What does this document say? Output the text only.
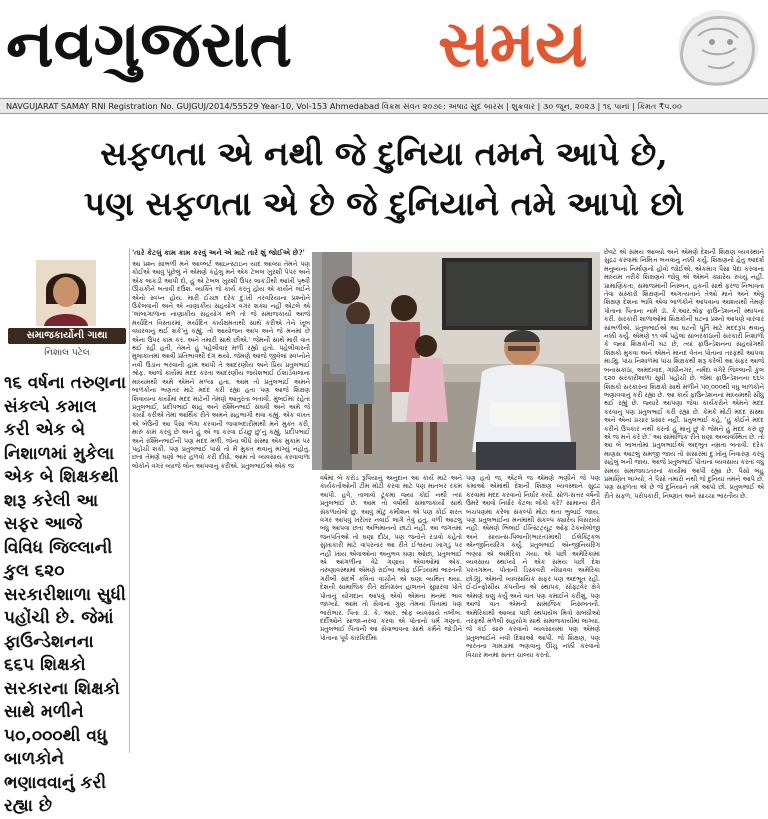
નવગુજરાત સમય
NAVGUJARAT SAMAY RNI Registration No. GUJGUJ/2014/55529 Year-10, Vol-153 Ahmedabad વિક્રમ સંવત ૨૦૭૯: અષાઢ સુદ બારસ | શુક્રવાર | ૩૦ જૂન, ૨૦૨૩ | ૧૬ પાનાં | કિંમત ₹૫.૦૦
સફળતા એ નથી જે દુનિયા તમને આપે છે,
પણ સફળતા એ છે જે દુનિયાને તમે આપો છો
સમાજકાર્યોની ગાથા
નિશાલ પટેલ
૧૬ વર્ષના તરુણના સંકલ્પે કમાલ કરી એક બે નિશાળમાં મુકેલા એક બે શિક્ષકથી શરૂ કરેલી આ સફર આજે વિવિધ જિલ્લાની કુલ ૬૨૦ સરકારીશાળા સુધી પહોંચી છે. જેમાં ફાઉન્ડેશનના ૬૬૫ શિક્ષકો સરકારના શિક્ષકો સાથે મળીને ૫૦,૦૦૦થી વધુ બાળકોને ભણાવવાનું કરી રહ્યા છે
'તારે કેટલું કામ કામ કરવું અને એ માટે તારે શું જોઈએ છે?'
આ પ્રશ્ન સાંભળી મને આલ્બર્ટ આઇન્સ્ટાઇન યાદ આવ્યા તેમને પણ કોઈએ આવું પૂછેલું ને એમણે કહેલું મને એક ટેબલ ખુરશી પેપર અને એક લાકડી આપી દો, હું એ ટેબલ ખુરશી ઉપર લાકડીથી આખી પૃથ્વી ઊંચકીને બતાવી દઉંશ. વ્યક્તિ જે કાર્ય કરતું હોય એ કાર્યને લઈને એનો સ્વપ્ન હોય. મારી ઈચ્છા દરેક દુઃખી તરવરિયાના પ્રશ્નોને ઉકેલવાની અને એ નાણાકીય સહયોગ વગર શક્ય નહીં એટલે એ 'લાંબાગાળાના નાણાકીય સહયોગ મળે તો જે સમાજકાર્યો આજે મર્યાદિત વિસ્તારમાં, મર્યાદિત કાર્યક્ષમતાથી સાથે કરીએ તેને ખૂબ વધારવાનું થઈ શકે'નું કહ્યું. તો આયોજન આપ અને જે મનમાં છે એના ઉપર કામ કર. અને તમારી સાથે છીએ.' જેમની સાથે મારી વાત થઈ રહી હતી, તેમને હું પહેલીવાર મળી રહ્યો હતો. પહેલીવારની મુલાકાતમાં આવી પ્રતિભાવથી દંગ થયો. જેમણે આજે જીવેલાં સ્વપ્નોને નવી ઉડાન ભરવાની હામ આપી તે આદરણીય અને પ્રિય પ્રતુલભાઈ શ્રોફ. આજે કાર્યમાં મદદ કરતા આદરણીય જયેશભાઈ ઈશાર્ડવાલાના માધ્યમથી અમે એમને મળ્યા હતા. આમ તો પ્રતુલભાઈ અમને બાળકોના ભણતર માટે મદદ કરી રહ્યા હતા પણ આજે શિક્ષણ શિવાયના કાર્યોમાં મદદ માટેની તેમણે આતુરતા બતાવી. મુંબઈમાં રહેતા પ્રતુલભાઈ, પ્રદીપભાઈ શાહ અને રશ્મિનભાઈ સંઘવી અને અમે જે કાર્યો કરીએ તેમાં આર્થિક રીતે અમને સહભાગી થવા કહ્યું. એક વખત એ બેઉની આ પૈસા ભેગા કરવાની જવાબદારીમાંથી મને મુક્ત કરી, મારું કામ કરવું છે અને હું એ જ કરવા ઈચ્છુ છું'નું કહ્યું. પ્રદીપભાઈ અને રશ્મિનભાઈની પણ મદદ મળી. જેના લીધે સંસ્થા એક મુકામ પર પહોંચી શકી. પણ પ્રતુલભાઈ પાસે તો મેં મુકત થવાનું માંગ્યું નહોતું. છતાં તેમણે ઘણો ભાર હળવો કરી દીધો. આમ તો વ્યવસાય કરવાવાળા લોકોને વગર વ્યાજે લોન આપવાનું કરીએ. પ્રતુલભાઈએ એક જ
વર્ષમાં બે કરોડ રૂપિયાનું અનુદાન આ કાર્ય માટે અને કાર્યકર્તાઓની ટીમ મોટી કરવા માટે પણ માતબર રકમ આપી. હવે, તાલાવો ટૂંકમાં જ્યાં કોઈ નથી ત્યાં પ્રતુલભાઈ છે. આમ તો વર્ષોથી સમાજકાર્યો સાથે સંકળાયેલો છું. આવું મોટું કમીશન એ પણ કોઈ શરત વગર આપવું ખરેખર નવાઈ લાગે તેવું હતું. વળી આટલું બધું આપવા છતાં અભિમાનનો છાંટો નહીં. આ જગતમાં જનપતિઓ તો ઘણા દીઠા, પણ જનોને રડાવો કહેતો સુખાકારી માટે વાપરનાર આ રીતે ઈશ્વરના ખાગડું પર નહીં ખાય એવાઓના અનુભવ ઘણા ઓછા, પ્રતુલભાઈ એ આંગળીના વેઢે ગણાય એવાઓમાં એક. તરુણાવસ્થામાં એમણે રાઈબા ઓફ ઈન્ડિયામાં ભારતની ગરીબી સંદર્ભે કવિતા વાંચીને એ ઘણા વ્યથિત થયા. દેશની સામાજિક રીતે ક્ષતિગ્રસ્ત હાલતને સુધારવા પોતે પોતાનું યોગદાન આપવું એવો એમના મનમાં ભાવ જાગ્યો. આમ તો સેવાનાં ગુણ તેમના પિતામાં પણ ભારોભાર. પિતા ડૉ. કે. આર. શ્રોફ વ્યવસાયે તબીબ. દર્દીઓને સાજા-નરવા કરવા એ પોતાનો ધર્મ ગણતાં. પ્રતુલભાઈ પિતાની આ સેવાભાવના સાથે કર્મને જોડીને પોતાના પૂર્વ કારકિર્દીમાં
પણ હતો જ, એટલે જ એમણે ભણીને જે પણ કમાઓ એમાંથી દેશની શિક્ષણ વ્યવસ્થાને સુદ્રઢ કરવામાં મદદ કરવાનો નિર્ધાર કર્યો. સોળ-સત્તર વર્ષની ઉંમરે આવો નિર્ધાર કેટલા લોકો કરે? સામાન્ય રીતે બચપણમાં કરેલા સંકલ્પો મોટા થતા ભુલાઈ જાય. પણ પ્રતુલભાઈના મનમાંથી સંકલ્પ ક્યારેય વિસરાયો નહીં. એમણે ભિલાઈ ઈન્સ્ટિટ્યૂટ ઓફ ટેકનોલોજી અને સાયન્સ-પિલાની(ભારત)માંથી ઈલેક્ટ્રિકલ એન્જીનિયરિંગ કર્યું. પ્રતુલભાઈ એન્જીનિયરિંગ ભણ્યા એ અમેરિકા ગયા. એ પછી અમેરિકામાં વ્યવસાય સ્થાપ્યો ને એક સમય પછી દેશ પરતગમન. પોતાની ડિસ્કવરી નોંધાવવા અમેરિકા છોડ્યું. એમની વ્યવસાયિક સફર પણ અદભૂત રહી. ઈ-ઈન્ફોસીય કંપનીના એ સ્થાપક, સોફ્ટવેર ક્ષેત્રે એમણે ઘણું કર્યું અને વાત પણ કમાઈને કરીશું, પણ આજે વાત એમની સામાજિક નિસબતની. અમેરિકાથી આવ્યા પછી સ્થપાયેલ મિત્રો સંબંધીઓ તરફથી મળેલી સહયોગ સાથે સમાજકાર્યોમાં લાગ્યા. જે કંઈ સારું કરવાનો વ્યવસાયમાં પણ એમણે પ્રતુલભાઈને નવી દિશાઓ આપી. જે શિક્ષણ, પણ ભારતના ગામડામાં ભણવાનું ઊંચું નક્કી કરવાનો વિચાર મનમાં સતત ચાલ્યા કરતો.
છેવટે એ સમય આવ્યો અને એમણે દેશની શિક્ષણ વ્યવસ્થાને સુદ્રઢ કરવામાં નિમિત્ત બનવાનું નક્કી કર્યું. શિક્ષણનો હેતુ આદર્શ મનુષ્યના નિર્માણનો હોવો જોઈએ. એકમાત્ર પૈસા પેદા કરવાના માધ્યમ તરીકે શિક્ષણને જોવું એ એમને ક્યારેય રુચ્યું નહીં. પ્રામાણિકતા, સમાજમાંની નિસ્બત, હકની સાથે ફરજ નિભાવતાં તેવા સંસ્કારો શિક્ષણની અગત્યતાને તેઓ માને અને એવું શિક્ષણ દેશના ભાવિ એવા બાળકોને આપવાના આશયથી તેમણે પોતાના પિતાના નામે ડૉ. કે.આર.શ્રોફ ફાઉન્ડેશનની સ્થાપના કરી. સરકારી શાળાઓમાં શિક્ષકોની ઘટના પ્રશ્નો આપણે વારંવાર સાંભળીએ. પ્રતુલભાઈએ આ ઘટની પૂર્તિ માટે મદદરૂપ થવાનું નક્કી કર્યું. એમણે ૧૧ વર્ષ પહેલાં સાબરકાંઠાની સરકારી નિશાળો કે જ્યાં શિક્ષકોની ઘટ છે, ત્યાં ફાઉન્ડેશનના સહયોગથી શિક્ષકો મુકવા અને એમને માનદ વેતન પોતાના તરફથી આપવા માંડ્યું. પાંચ નિશાળમાં પાંચ શિક્ષકથી શરૂ કરેલી આ સફર આજે બનાસકાંઠા, અમદાવાદ, ગાંધીનગર, નર્મદા વગેરે જિલ્લાની કુલ ૬૨૦ સરકારીશાળા સુધી પહોંચી છે. જેમાં ફાઉન્ડેશનના ૬૬૫ શિક્ષકો સરકારના શિક્ષકો સાથે મળીને ૫૦,૦૦૦થી વધુ બાળકોને ભણાવવાનું કરી રહ્યા છે. આ કાર્ય ફાઉન્ડેશનના માધ્યમથી સીધું થઈ રહ્યું છે. જ્યારે આપણા જેવા કાર્યકરોને એમને મદદ કરવાનું પણ પ્રતુલભાઈ કરી રહ્યા છે. કેમકે મોટી મદદ સંસ્થા અને એના પ્રચાર પ્રસાર નહીં. પ્રતુલભાઈ કહે, 'હું કોઈને મદદ કરીને ઉપકાર નથી કરતો હું માનું છું કે જેમને હું મદદ કરું છું એ જ મને કરે છે.' આ સામાજિક રીતે ઘણા અવ્યવસ્થિત છે. તો આ બે બાબતોમાં પ્રતુલભાઈએ અદ્ભુત નમ્રતા બતાવી. દરેક માણસ આટલું સમજી જાય તો સંસારમાં દુઃખોનું નિવારણ કરવું સહેલું બની જાય. આજે પ્રતુલભાઈ પોતાના વ્યવસાય કરતાં વધુ સમય સમાજઘડતરનાં કાર્યોમાં આપી રહ્યા છે. પૈસો બહુ પ્રમાણિત લાગ્યો, તે પૈસો તમારો નથી જે દુનિયા તમને આપે છે. પણ સફળતા એ છે જે દુનિયાને તમે આપો છો. પ્રતુલભાઈ એ રીતે સફળ, પરોપકારી, નિષ્ણાંત અને સાચ્ચા ભારતીય છે.
